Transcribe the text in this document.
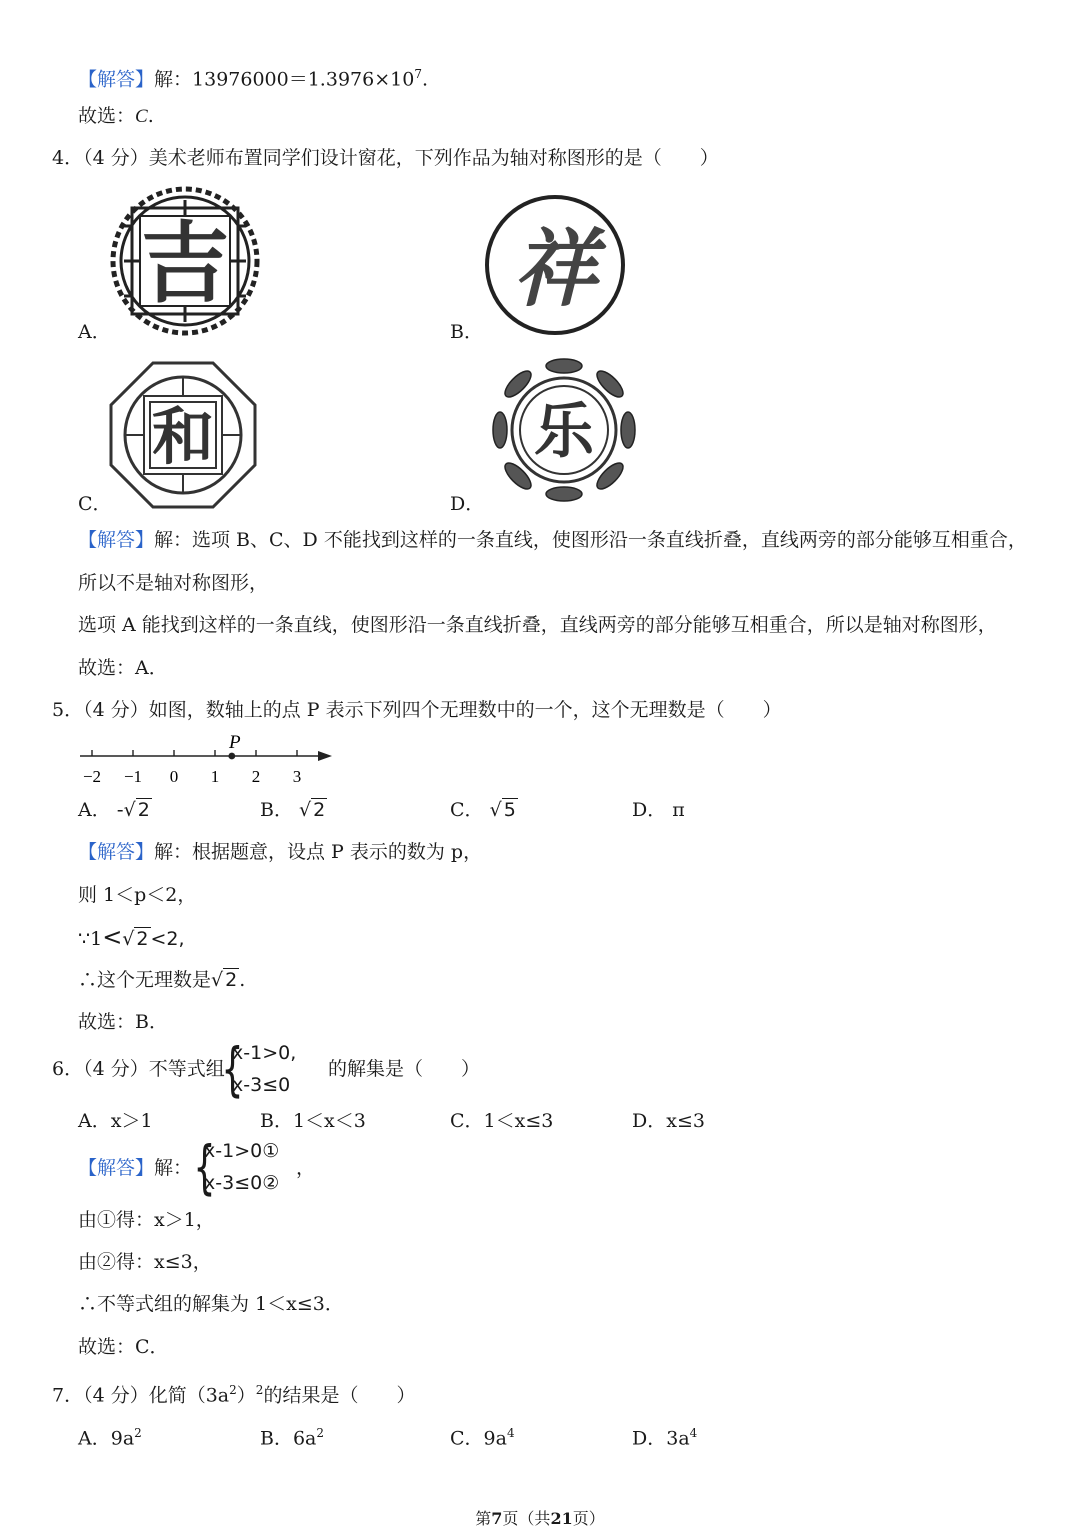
【解答】解：$13976000=1.3976\times 10^7$.
故选：C.
4．（4 分）美术老师布置同学们设计窗花，下列作品为轴对称图形的是（　　）
吉
A．
祥
B．
和
C．
乐
D．
【解答】解：选项 B、C、D 不能找到这样的一条直线，使图形沿一条直线折叠，直线两旁的部分能够互相重合，
所以不是轴对称图形，
选项 A 能找到这样的一条直线，使图形沿一条直线折叠，直线两旁的部分能够互相重合，所以是轴对称图形，
故选：A．
5．（4 分）如图，数轴上的点 P 表示下列四个无理数中的一个，这个无理数是（　　）
−2 −1 0 1 2 3
P
A． -√ 2	B． √ 2	C． √ 5	D． π
【解答】解：根据题意，设点 P 表示的数为 p，
则 1＜p＜2，
∵1<√ 2 <2,
∴这个无理数是√ 2 .
故选：B．
6．（4 分）不等式组
{
x-1>0,
x-3≤0
的解集是（　　）
A．x＞1	B．1＜x＜3	C．1＜x≤3	D．x≤3
【解答】解： {
x-1>0①
x-3≤0②
，
由①得：x＞1，
由②得：x≤3，
∴不等式组的解集为 1＜x≤3．
故选：C．
7．（4 分）化简$(3a^2)^2$的结果是（　　）
A．$9a^2$	B．$6a^2$	C．$9a^4$	D．$3a^4$
第7页（共21页）
